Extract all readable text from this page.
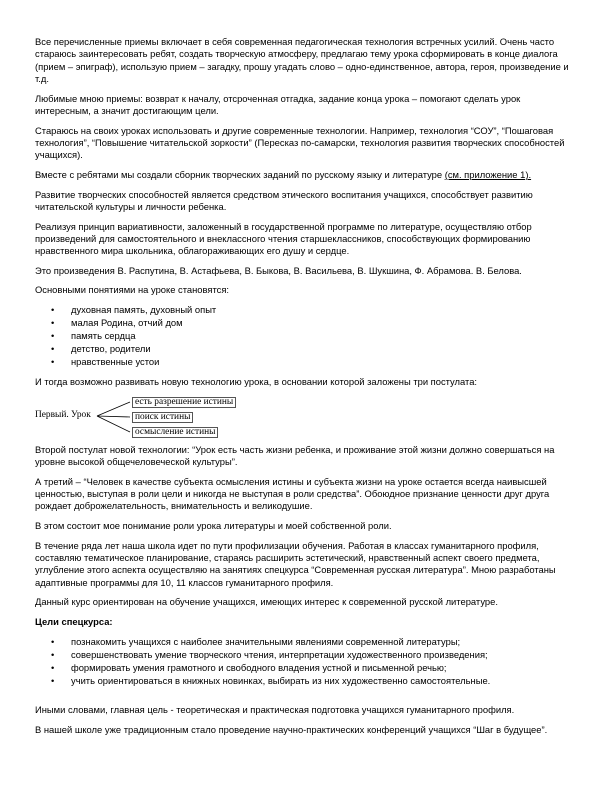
Все перечисленные приемы включает в себя современная педагогическая технология встречных усилий. Очень часто стараюсь заинтересовать ребят, создать творческую атмосферу, предлагаю тему урока сформировать в конце диалога (прием – эпиграф), использую прием – загадку, прошу угадать слово – одно-единственное, автора, героя, произведение и т.д.

Любимые мною приемы: возврат к началу, отсроченная отгадка, задание конца урока – помогают сделать урок интересным, а значит достигающим цели.

Стараюсь на своих уроках использовать и другие современные технологии. Например, технология “СОУ”, “Пошаговая технология”, “Повышение читательской зоркости” (Пересказ по-самарски, технология развития творческих способностей учащихся).

Вместе с ребятами мы создали сборник творческих заданий по русскому языку и литературе (см. приложение 1).

Развитие творческих способностей является средством этического воспитания учащихся, способствует развитию читательской культуры и личности ребенка.

Реализуя принцип вариативности, заложенный в государственной программе по литературе, осуществляю отбор произведений для самостоятельного и внеклассного чтения старшеклассников, способствующих формированию нравственного мира школьника, облагораживающих его душу и сердце.

Это произведения В. Распутина, В. Астафьева, В. Быкова, В. Васильева, В. Шукшина, Ф. Абрамова. В. Белова.

Основными понятиями на уроке становятся:

• духовная память, духовный опыт
• малая Родина, отчий дом
• память сердца
• детство, родители
• нравственные устои

И тогда возможно развивать новую технологию урока, в основании которой заложены три постулата:

Первый. Урок
есть разрешение истины
поиск истины
осмысление истины

Второй постулат новой технологии: “Урок есть часть жизни ребенка, и проживание этой жизни должно совершаться на уровне высокой общечеловеческой культуры”.

А третий – “Человек в качестве субъекта осмысления истины и субъекта жизни на уроке остается всегда наивысшей ценностью, выступая в роли цели и никогда не выступая в роли средства”. Обоюдное признание ценности друг друга рождает доброжелательность, внимательность и великодушие.

В этом состоит мое понимание роли урока литературы и моей собственной роли.

В течение ряда лет наша школа идет по пути профилизации обучения. Работая в классах гуманитарного профиля, составляю тематическое планирование, стараясь расширить эстетический, нравственный аспект своего предмета, углубление этого аспекта осуществляю на занятиях спецкурса “Современная русская литература”. Мною разработаны адаптивные программы для 10, 11 классов гуманитарного профиля.

Данный курс ориентирован на обучение учащихся, имеющих интерес к современной русской литературе.

Цели спецкурса:

• познакомить учащихся с наиболее значительными явлениями современной литературы;
• совершенствовать умение творческого чтения, интерпретации художественного произведения;
• формировать умения грамотного и свободного владения устной и письменной речью;
• учить ориентироваться в книжных новинках, выбирать из них художественно самостоятельные.

Иными словами, главная цель - теоретическая и практическая подготовка учащихся гуманитарного профиля.

В нашей школе уже традиционным стало проведение научно-практических конференций учащихся “Шаг в будущее”.
